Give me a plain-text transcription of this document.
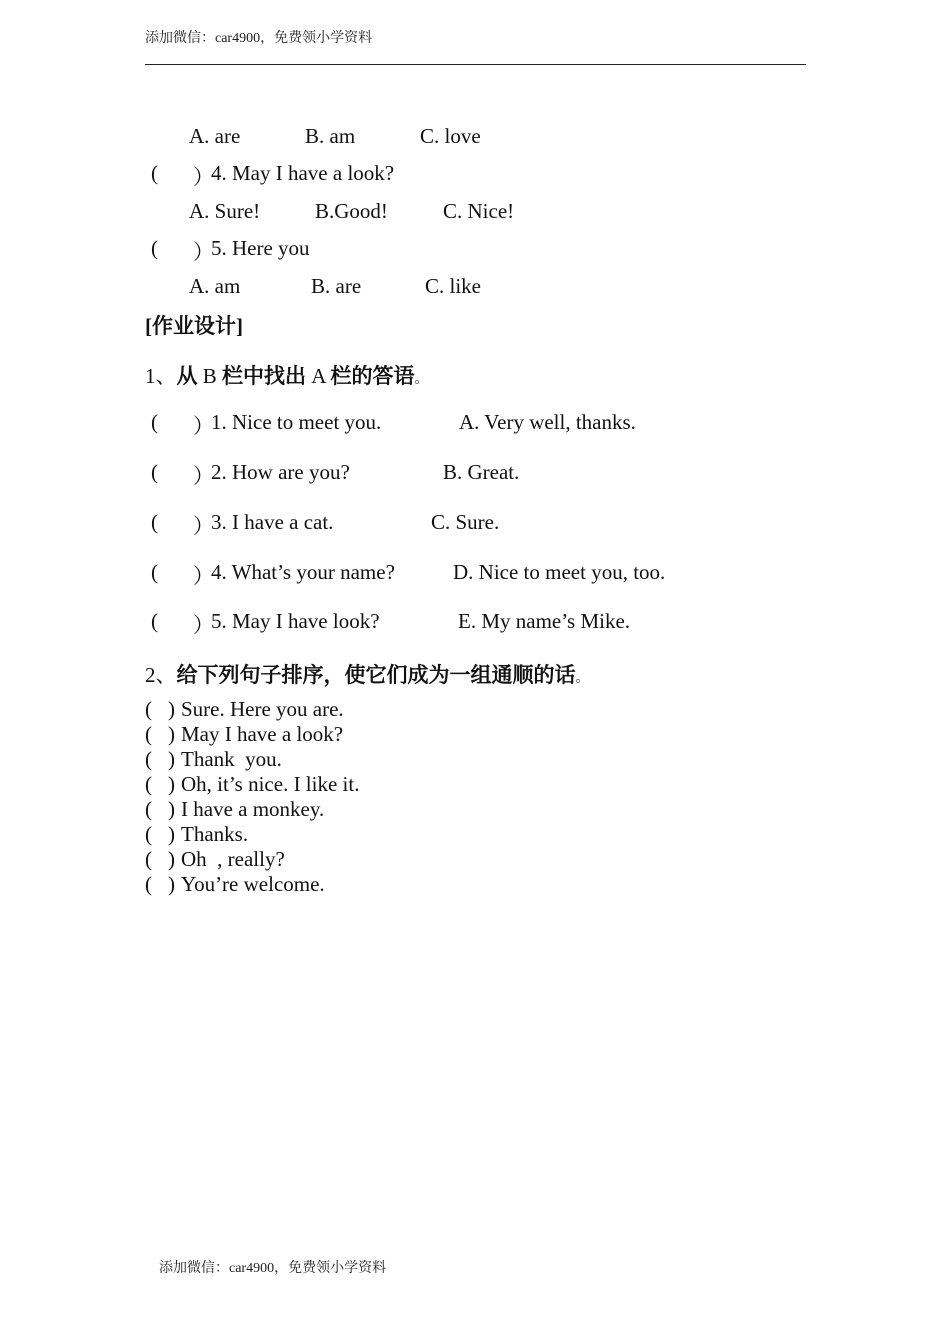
添加微信：car4900，免费领小学资料
A. are	B. am	C. love
( ）
4. May I have a look?
A. Sure!	B.Good!	C. Nice!
( ）
5. Here you
A. am	B. are	C. like
[作业设计]
1、从 B 栏中找出 A 栏的答语。
( ）
1. Nice to meet you.	A. Very well, thanks.
( ）
2. How are you?	B. Great.
( ）
3. I have a cat.	C. Sure.
( ）
4. What’s your name?	D. Nice to meet you, too.
( ）
5. May I have look?	E. My name’s Mike.
2、给下列句子排序，使它们成为一组通顺的话。
( ) Sure. Here you are.
( ) May I have a look?
( ) Thank  you.
( ) Oh, it’s nice. I like it.
( ) I have a monkey.
( ) Thanks.
( ) Oh  , really?
( ) You’re welcome.
添加微信：car4900，免费领小学资料
